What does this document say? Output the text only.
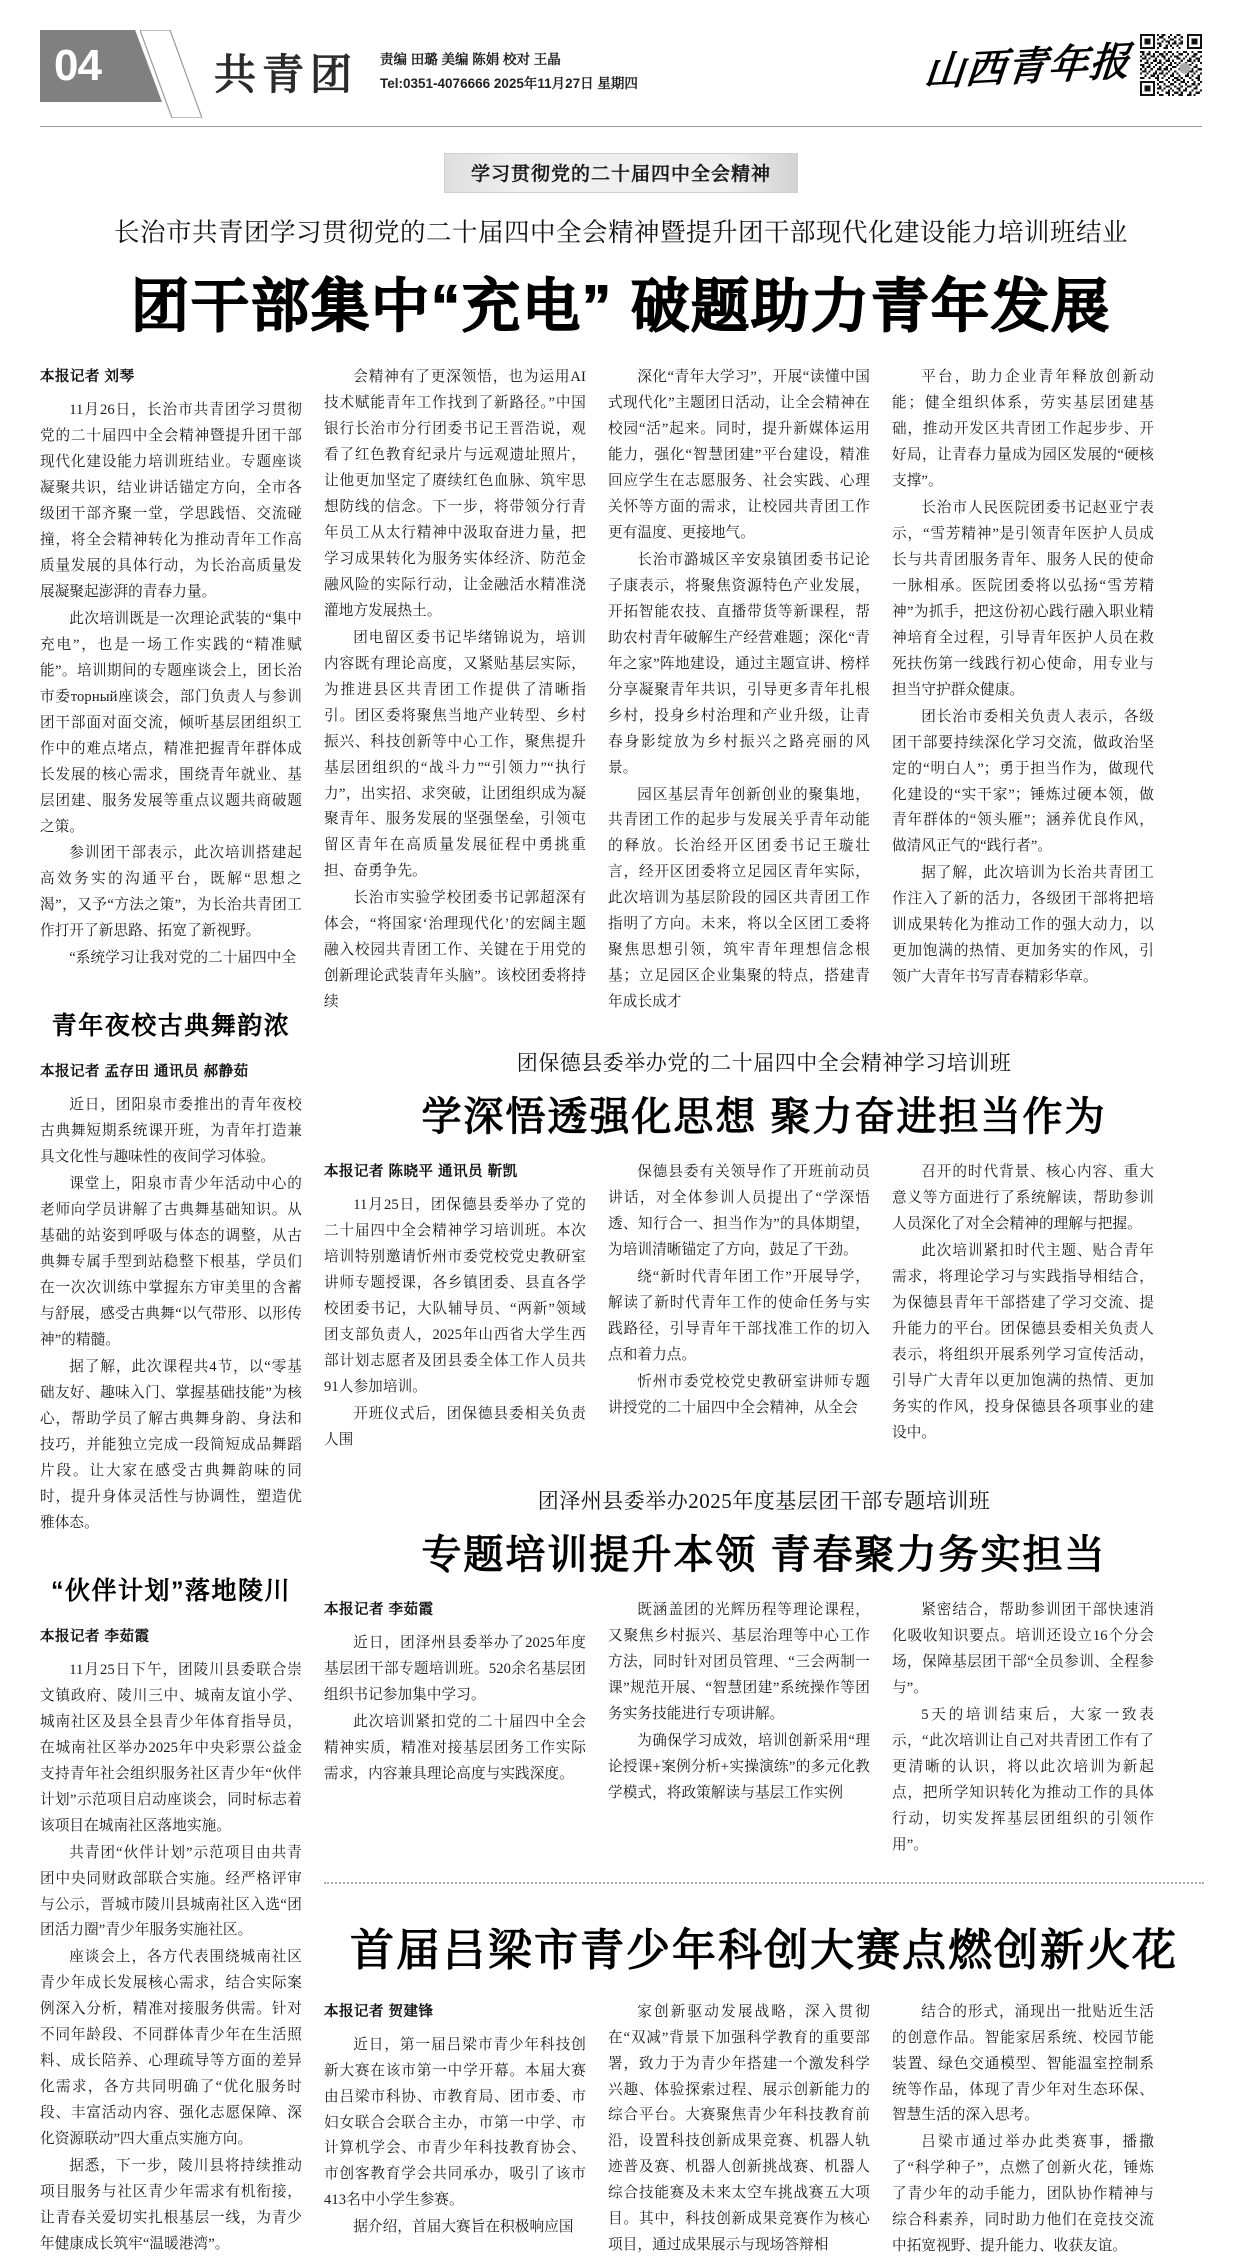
04	共青团 责编 田璐 美编 陈娟 校对 王晶
Tel:0351-4076666 2025年11月27日 星期四	山西青年报
学习贯彻党的二十届四中全会精神
长治市共青团学习贯彻党的二十届四中全会精神暨提升团干部现代化建设能力培训班结业
团干部集中“充电” 破题助力青年发展
本报记者 刘琴

11月26日，长治市共青团学习贯彻党的二十届四中全会精神暨提升团干部现代化建设能力培训班结业。专题座谈凝聚共识，结业讲话锚定方向，全市各级团干部齐聚一堂，学思践悟、交流碰撞，将全会精神转化为推动青年工作高质量发展的具体行动，为长治高质量发展凝聚起澎湃的青春力量。

此次培训既是一次理论武装的“集中充电”，也是一场工作实践的“精准赋能”。培训期间的专题座谈会上，团长治市委торный座谈会，部门负责人与参训团干部面对面交流，倾听基层团组织工作中的难点堵点，精准把握青年群体成长发展的核心需求，围绕青年就业、基层团建、服务发展等重点议题共商破题之策。

参训团干部表示，此次培训搭建起高效务实的沟通平台，既解“思想之渴”，又予“方法之策”，为长治共青团工作打开了新思路、拓宽了新视野。

“系统学习让我对党的二十届四中全

青年夜校古典舞韵浓
本报记者 孟存田 通讯员 郝静茹

近日，团阳泉市委推出的青年夜校古典舞短期系统课开班，为青年打造兼具文化性与趣味性的夜间学习体验。

课堂上，阳泉市青少年活动中心的老师向学员讲解了古典舞基础知识。从基础的站姿到呼吸与体态的调整，从古典舞专属手型到站稳整下根基，学员们在一次次训练中掌握东方审美里的含蓄与舒展，感受古典舞“以气带形、以形传神”的精髓。

据了解，此次课程共4节，以“零基础友好、趣味入门、掌握基础技能”为核心，帮助学员了解古典舞身韵、身法和技巧，并能独立完成一段简短成品舞蹈片段。让大家在感受古典舞韵味的同时，提升身体灵活性与协调性，塑造优雅体态。

“伙伴计划”落地陵川
本报记者 李茹霞

11月25日下午，团陵川县委联合崇文镇政府、陵川三中、城南友谊小学、城南社区及县全县青少年体育指导员，在城南社区举办2025年中央彩票公益金支持青年社会组织服务社区青少年“伙伴计划”示范项目启动座谈会，同时标志着该项目在城南社区落地实施。

共青团“伙伴计划”示范项目由共青团中央同财政部联合实施。经严格评审与公示，晋城市陵川县城南社区入选“团团活力圈”青少年服务实施社区。

座谈会上，各方代表围绕城南社区青少年成长发展核心需求，结合实际案例深入分析，精准对接服务供需。针对不同年龄段、不同群体青少年在生活照料、成长陪养、心理疏导等方面的差异化需求，各方共同明确了“优化服务时段、丰富活动内容、强化志愿保障、深化资源联动”四大重点实施方向。

据悉，下一步，陵川县将持续推动项目服务与社区青少年需求有机衔接，让青春关爱切实扎根基层一线，为青少年健康成长筑牢“温暖港湾”。

会精神有了更深领悟，也为运用AI技术赋能青年工作找到了新路径。”中国银行长治市分行团委书记王晋浩说，观看了红色教育纪录片与远观遗址照片，让他更加坚定了赓续红色血脉、筑牢思想防线的信念。下一步，将带领分行青年员工从太行精神中汲取奋进力量，把学习成果转化为服务实体经济、防范金融风险的实际行动，让金融活水精准浇灌地方发展热土。

团电留区委书记毕绪锦说为，培训内容既有理论高度，又紧贴基层实际，为推进县区共青团工作提供了清晰指引。团区委将聚焦当地产业转型、乡村振兴、科技创新等中心工作，聚焦提升基层团组织的“战斗力”“引领力”“执行力”，出实招、求突破，让团组织成为凝聚青年、服务发展的坚强堡垒，引领屯留区青年在高质量发展征程中勇挑重担、奋勇争先。

长治市实验学校团委书记郭超深有体会，“将国家‘治理现代化’的宏阔主题融入校园共青团工作、关键在于用党的创新理论武装青年头脑”。该校团委将持续

深化“青年大学习”，开展“读懂中国式现代化”主题团日活动，让全会精神在校园“活”起来。同时，提升新媒体运用能力，强化“智慧团建”平台建设，精准回应学生在志愿服务、社会实践、心理关怀等方面的需求，让校园共青团工作更有温度、更接地气。

长治市潞城区辛安泉镇团委书记论子康表示，将聚焦资源特色产业发展，开拓智能农技、直播带货等新课程，帮助农村青年破解生产经营难题；深化“青年之家”阵地建设，通过主题宣讲、榜样分享凝聚青年共识，引导更多青年扎根乡村，投身乡村治理和产业升级，让青春身影绽放为乡村振兴之路亮丽的风景。

园区基层青年创新创业的聚集地，共青团工作的起步与发展关乎青年动能的释放。长治经开区团委书记王璇壮言，经开区团委将立足园区青年实际，此次培训为基层阶段的园区共青团工作指明了方向。未来，将以全区团工委将聚焦思想引领，筑牢青年理想信念根基；立足园区企业集聚的特点，搭建青年成长成才

平台，助力企业青年释放创新动能；健全组织体系，劳实基层团建基础，推动开发区共青团工作起步步、开好局，让青春力量成为园区发展的“硬核支撑”。

长治市人民医院团委书记赵亚宁表示，“雪芳精神”是引领青年医护人员成长与共青团服务青年、服务人民的使命一脉相承。医院团委将以弘扬“雪芳精神”为抓手，把这份初心践行融入职业精神培育全过程，引导青年医护人员在救死扶伤第一线践行初心使命，用专业与担当守护群众健康。

团长治市委相关负责人表示，各级团干部要持续深化学习交流，做政治坚定的“明白人”；勇于担当作为，做现代化建设的“实干家”；锤炼过硬本领，做青年群体的“领头雁”；涵养优良作风，做清风正气的“践行者”。

据了解，此次培训为长治共青团工作注入了新的活力，各级团干部将把培训成果转化为推动工作的强大动力，以更加饱满的热情、更加务实的作风，引领广大青年书写青春精彩华章。

团保德县委举办党的二十届四中全会精神学习培训班
学深悟透强化思想 聚力奋进担当作为
本报记者 陈晓平 通讯员 靳凯

11月25日，团保德县委举办了党的二十届四中全会精神学习培训班。本次培训特别邀请忻州市委党校党史教研室讲师专题授课，各乡镇团委、县直各学校团委书记，大队辅导员、“两新”领域团支部负责人，2025年山西省大学生西部计划志愿者及团县委全体工作人员共91人参加培训。

开班仪式后，团保德县委相关负责人围

保德县委有关领导作了开班前动员讲话，对全体参训人员提出了“学深悟透、知行合一、担当作为”的具体期望，为培训清晰锚定了方向，鼓足了干劲。

绕“新时代青年团工作”开展导学，解读了新时代青年工作的使命任务与实践路径，引导青年干部找准工作的切入点和着力点。

忻州市委党校党史教研室讲师专题讲授党的二十届四中全会精神，从全会

召开的时代背景、核心内容、重大意义等方面进行了系统解读，帮助参训人员深化了对全会精神的理解与把握。

此次培训紧扣时代主题、贴合青年需求，将理论学习与实践指导相结合，为保德县青年干部搭建了学习交流、提升能力的平台。团保德县委相关负责人表示，将组织开展系列学习宣传活动，引导广大青年以更加饱满的热情、更加务实的作风，投身保德县各项事业的建设中。

团泽州县委举办2025年度基层团干部专题培训班
专题培训提升本领 青春聚力务实担当
本报记者 李茹霞

近日，团泽州县委举办了2025年度基层团干部专题培训班。520余名基层团组织书记参加集中学习。

此次培训紧扣党的二十届四中全会精神实质，精准对接基层团务工作实际需求，内容兼具理论高度与实践深度。

既涵盖团的光辉历程等理论课程，又聚焦乡村振兴、基层治理等中心工作方法，同时针对团员管理、“三会两制一课”规范开展、“智慧团建”系统操作等团务实务技能进行专项讲解。

为确保学习成效，培训创新采用“理论授课+案例分析+实操演练”的多元化教学模式，将政策解读与基层工作实例

紧密结合，帮助参训团干部快速消化吸收知识要点。培训还设立16个分会场，保障基层团干部“全员参训、全程参与”。

5天的培训结束后，大家一致表示，“此次培训让自己对共青团工作有了更清晰的认识，将以此次培训为新起点，把所学知识转化为推动工作的具体行动，切实发挥基层团组织的引领作用”。

首届吕梁市青少年科创大赛点燃创新火花
本报记者 贺建锋

近日，第一届吕梁市青少年科技创新大赛在该市第一中学开幕。本届大赛由吕梁市科协、市教育局、团市委、市妇女联合会联合主办，市第一中学、市计算机学会、市青少年科技教育协会、市创客教育学会共同承办，吸引了该市413名中小学生参赛。

据介绍，首届大赛旨在积极响应国

家创新驱动发展战略，深入贯彻在“双减”背景下加强科学教育的重要部署，致力于为青少年搭建一个激发科学兴趣、体验探索过程、展示创新能力的综合平台。大赛聚焦青少年科技教育前沿，设置科技创新成果竞赛、机器人轨迹普及赛、机器人创新挑战赛、机器人综合技能赛及未来太空车挑战赛五大项目。其中，科技创新成果竞赛作为核心项目，通过成果展示与现场答辩相

结合的形式，涌现出一批贴近生活的创意作品。智能家居系统、校园节能装置、绿色交通模型、智能温室控制系统等作品，体现了青少年对生态环保、智慧生活的深入思考。

吕梁市通过举办此类赛事，播撒了“科学种子”，点燃了创新火花，锤炼了青少年的动手能力，团队协作精神与综合科素养，同时助力他们在竞技交流中拓宽视野、提升能力、收获友谊。
